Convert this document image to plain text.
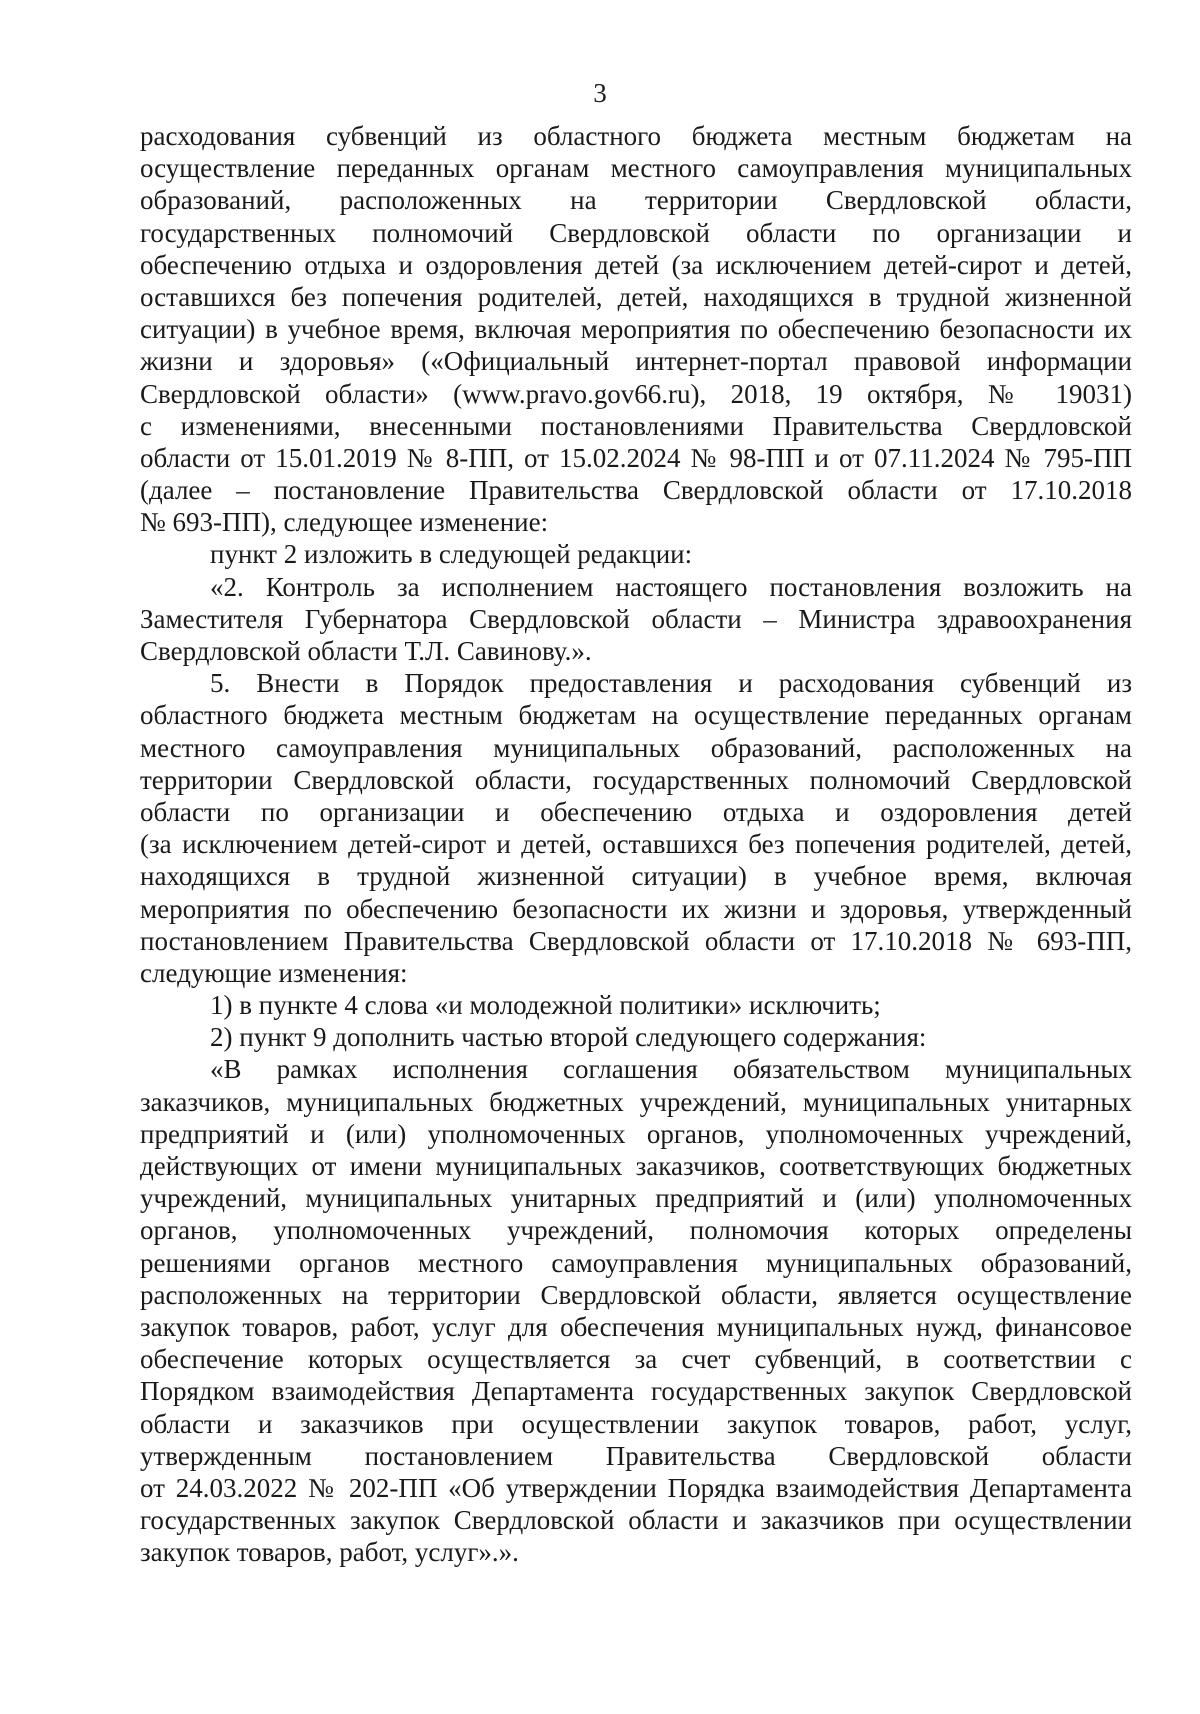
3
расходования субвенций из областного бюджета местным бюджетам на
осуществление переданных органам местного самоуправления муниципальных
образований, расположенных на территории Свердловской области,
государственных полномочий Свердловской области по организации и
обеспечению отдыха и оздоровления детей (за исключением детей-сирот и детей,
оставшихся без попечения родителей, детей, находящихся в трудной жизненной
ситуации) в учебное время, включая мероприятия по обеспечению безопасности их
жизни и здоровья» («Официальный интернет-портал правовой информации
Свердловской области» (www.pravo.gov66.ru), 2018, 19 октября, № 19031)
с изменениями, внесенными постановлениями Правительства Свердловской
области от 15.01.2019 № 8-ПП, от 15.02.2024 № 98-ПП и от 07.11.2024 № 795-ПП
(далее – постановление Правительства Свердловской области от 17.10.2018
№ 693-ПП), следующее изменение:
пункт 2 изложить в следующей редакции:
«2. Контроль за исполнением настоящего постановления возложить на
Заместителя Губернатора Свердловской области – Министра здравоохранения
Свердловской области Т.Л. Савинову.».
5. Внести в Порядок предоставления и расходования субвенций из
областного бюджета местным бюджетам на осуществление переданных органам
местного самоуправления муниципальных образований, расположенных на
территории Свердловской области, государственных полномочий Свердловской
области по организации и обеспечению отдыха и оздоровления детей
(за исключением детей-сирот и детей, оставшихся без попечения родителей, детей,
находящихся в трудной жизненной ситуации) в учебное время, включая
мероприятия по обеспечению безопасности их жизни и здоровья, утвержденный
постановлением Правительства Свердловской области от 17.10.2018 № 693-ПП,
следующие изменения:
1) в пункте 4 слова «и молодежной политики» исключить;
2) пункт 9 дополнить частью второй следующего содержания:
«В рамках исполнения соглашения обязательством муниципальных
заказчиков, муниципальных бюджетных учреждений, муниципальных унитарных
предприятий и (или) уполномоченных органов, уполномоченных учреждений,
действующих от имени муниципальных заказчиков, соответствующих бюджетных
учреждений, муниципальных унитарных предприятий и (или) уполномоченных
органов, уполномоченных учреждений, полномочия которых определены
решениями органов местного самоуправления муниципальных образований,
расположенных на территории Свердловской области, является осуществление
закупок товаров, работ, услуг для обеспечения муниципальных нужд, финансовое
обеспечение которых осуществляется за счет субвенций, в соответствии с
Порядком взаимодействия Департамента государственных закупок Свердловской
области и заказчиков при осуществлении закупок товаров, работ, услуг,
утвержденным постановлением Правительства Свердловской области
от 24.03.2022 № 202-ПП «Об утверждении Порядка взаимодействия Департамента
государственных закупок Свердловской области и заказчиков при осуществлении
закупок товаров, работ, услуг».».
